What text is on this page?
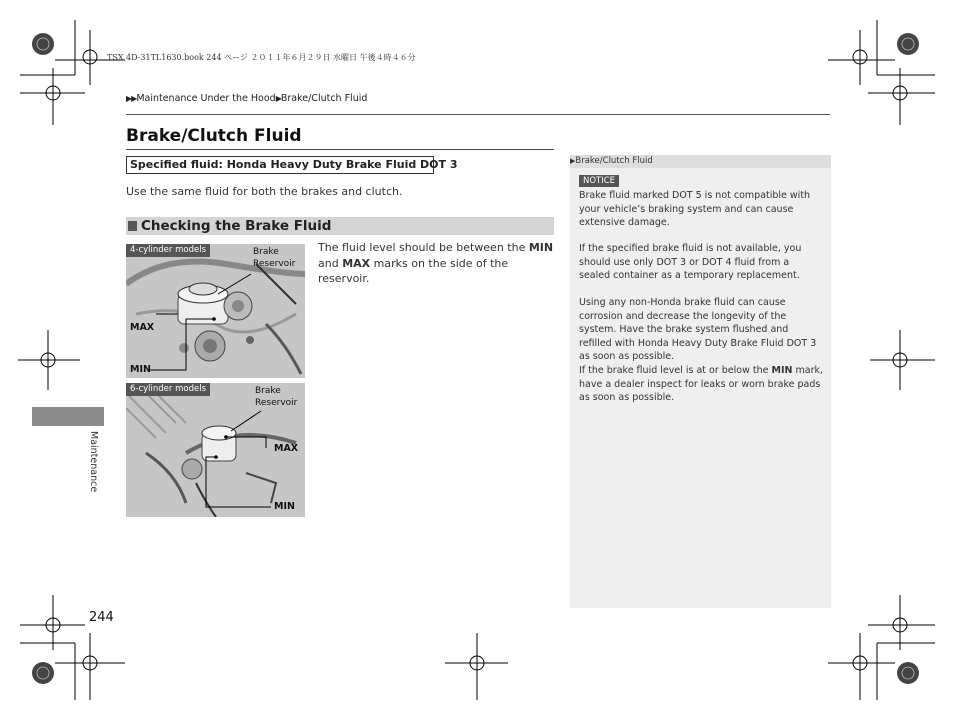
TSX 4D-31TL1630.book 244 ページ ２０１１年６月２９日 水曜日 午後４時４６分
▶▶Maintenance Under the Hood▶Brake/Clutch Fluid
Brake/Clutch Fluid
Specified fluid: Honda Heavy Duty Brake Fluid DOT 3
Use the same fluid for both the brakes and clutch.
Checking the Brake Fluid
The fluid level should be between the MIN and MAX marks on the side of the reservoir.
4-cylinder models	Brake
Reservoir
MAX
MIN
6-cylinder models	Brake
Reservoir
MAX
MIN
▶Brake/Clutch Fluid
NOTICE
Brake fluid marked DOT 5 is not compatible with your vehicle’s braking system and can cause extensive damage.
If the specified brake fluid is not available, you should use only DOT 3 or DOT 4 fluid from a sealed container as a temporary replacement.
Using any non-Honda brake fluid can cause corrosion and decrease the longevity of the system. Have the brake system flushed and refilled with Honda Heavy Duty Brake Fluid DOT 3 as soon as possible.
If the brake fluid level is at or below the MIN mark, have a dealer inspect for leaks or worn brake pads as soon as possible.
Maintenance
244
